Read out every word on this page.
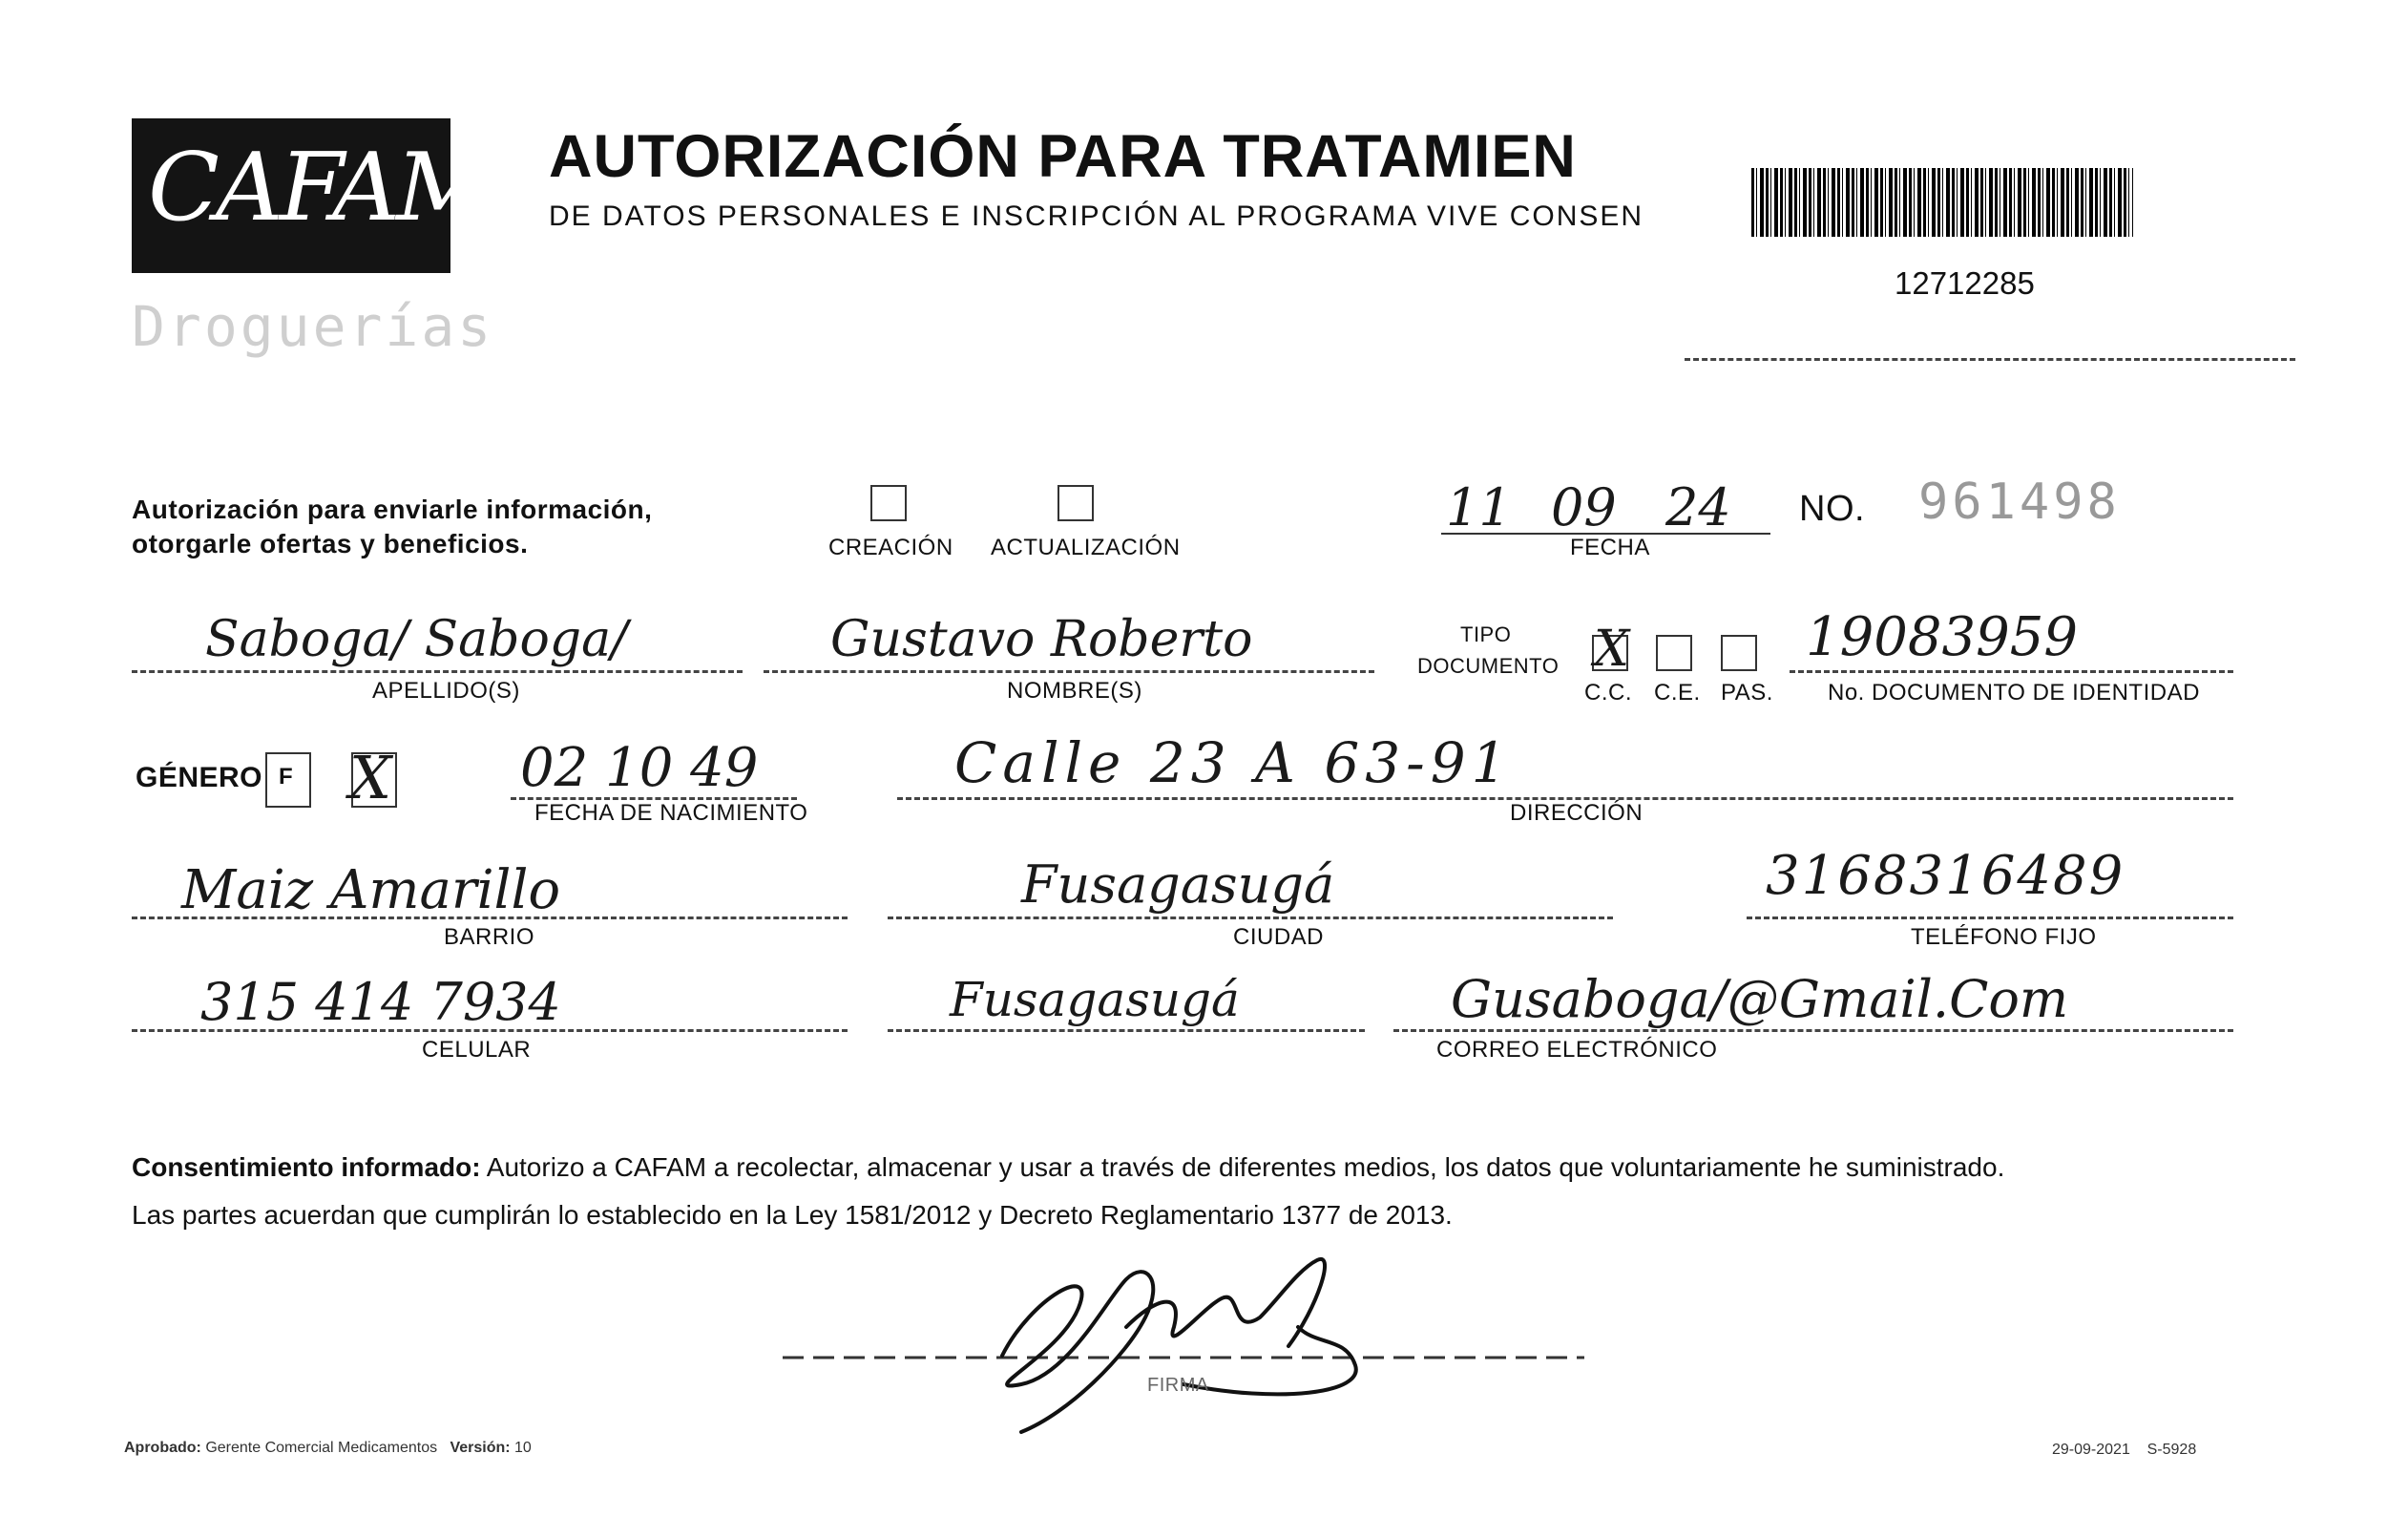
CAFAM
Droguerías
AUTORIZACIÓN PARA TRATAMIEN
DE DATOS PERSONALES E INSCRIPCIÓN AL PROGRAMA VIVE CONSEN
12712285
Autorización para enviarle información,
otorgarle ofertas y beneficios.	CREACIÓN ACTUALIZACIÓN
11 09 24
FECHA
NO. 961498
Saboga/ Saboga/
APELLIDO(S)
Gustavo Roberto
NOMBRE(S)
TIPO
DOCUMENTO X
C.C. C.E. PAS.
19083959
No. DOCUMENTO DE IDENTIDAD
GÉNERO F X 02 10 49
FECHA DE NACIMIENTO
Calle 23 A 63-91
DIRECCIÓN
Maiz Amarillo
BARRIO
Fusagasugá
CIUDAD
3168316489
TELÉFONO FIJO
315 414 7934
CELULAR
Fusagasugá	Gusaboga/@Gmail.Com
CORREO ELECTRÓNICO
Consentimiento informado: Autorizo a CAFAM a recolectar, almacenar y usar a través de diferentes medios, los datos que voluntariamente he suministrado.
Las partes acuerdan que cumplirán lo establecido en la Ley 1581/2012 y Decreto Reglamentario 1377 de 2013.
FIRMA
Aprobado: Gerente Comercial Medicamentos Versión: 10	29-09-2021 S-5928
